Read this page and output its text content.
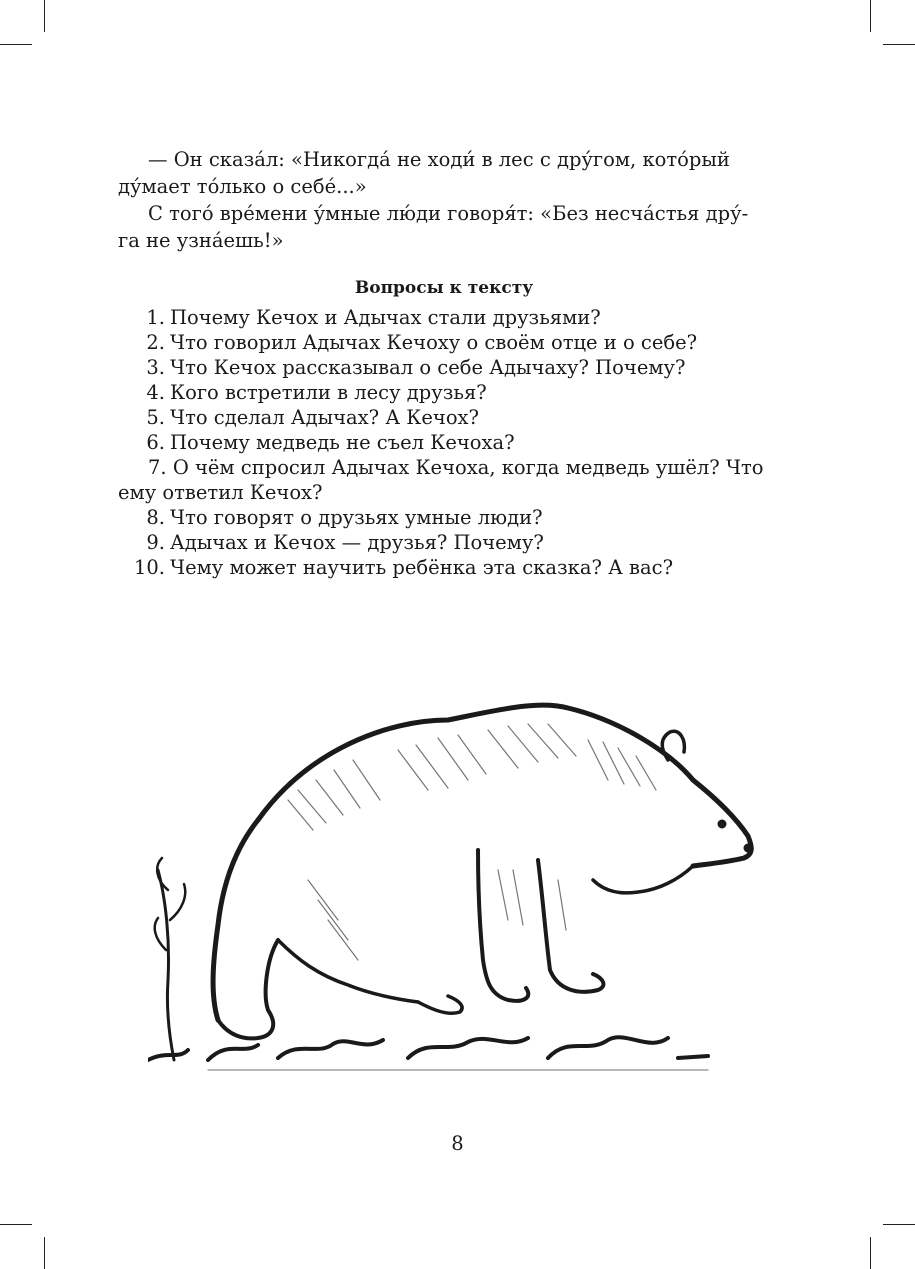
— Он сказа́л: «Никогда́ не ходи́ в лес с дру́гом, кото́рый
ду́мает то́лько о себе́...»

С того́ вре́мени у́мные лю́ди говоря́т: «Без несча́стья дру́-
га не узна́ешь!»

Вопросы к тексту
1. Почему Кечох и Адычах стали друзьями?
2. Что говорил Адычах Кечоху о своём отце и о себе?
3. Что Кечох рассказывал о себе Адычаху? Почему?
4. Кого встретили в лесу друзья?
5. Что сделал Адычах? А Кечох?
6. Почему медведь не съел Кечоха?
7. О чём спросил Адычах Кечоха, когда медведь ушёл? Что ему ответил Кечох?
8. Что говорят о друзьях умные люди?
9. Адычах и Кечох — друзья? Почему?
10. Чему может научить ребёнка эта сказка? А вас?
8
